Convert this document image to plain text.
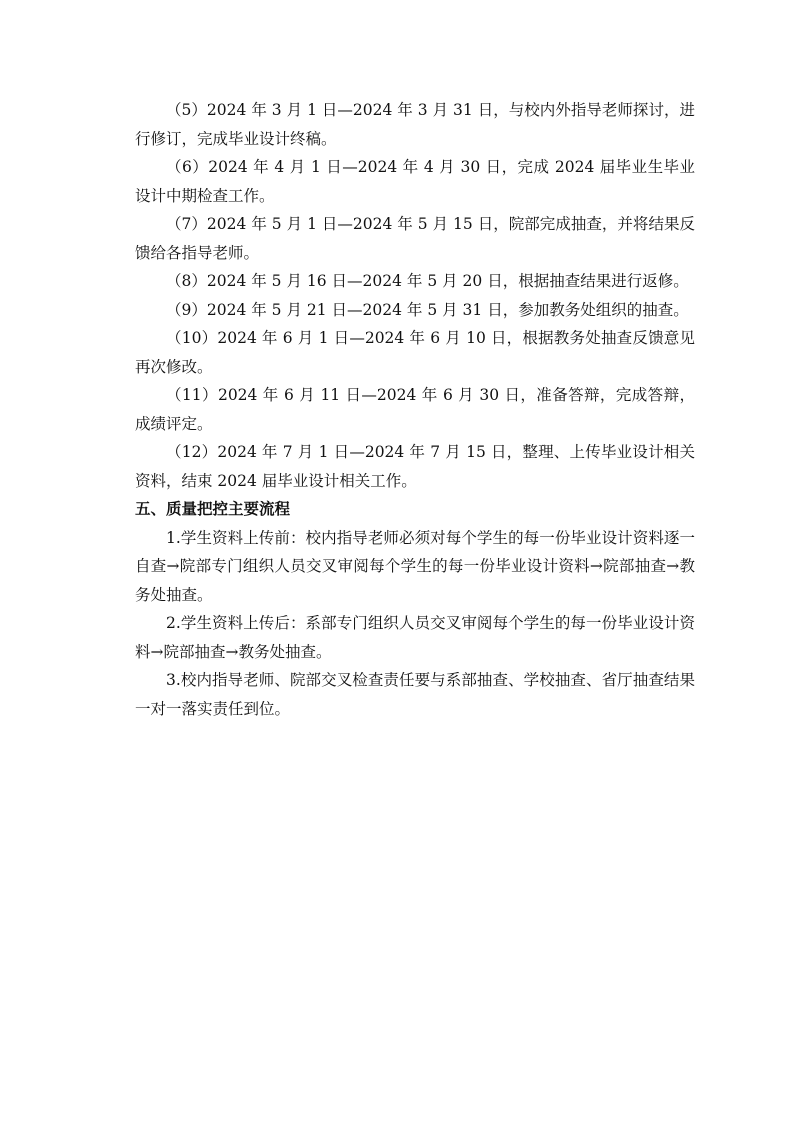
（5）2024 年 3 月 1 日—2024 年 3 月 31 日，与校内外指导老师探讨，进行修订，完成毕业设计终稿。

（6）2024 年 4 月 1 日—2024 年 4 月 30 日，完成 2024 届毕业生毕业设计中期检查工作。

（7）2024 年 5 月 1 日—2024 年 5 月 15 日，院部完成抽查，并将结果反馈给各指导老师。

（8）2024 年 5 月 16 日—2024 年 5 月 20 日，根据抽查结果进行返修。

（9）2024 年 5 月 21 日—2024 年 5 月 31 日，参加教务处组织的抽查。

（10）2024 年 6 月 1 日—2024 年 6 月 10 日，根据教务处抽查反馈意见再次修改。

（11）2024 年 6 月 11 日—2024 年 6 月 30 日，准备答辩，完成答辩，成绩评定。

（12）2024 年 7 月 1 日—2024 年 7 月 15 日，整理、上传毕业设计相关资料，结束 2024 届毕业设计相关工作。

五、质量把控主要流程

1.学生资料上传前：校内指导老师必须对每个学生的每一份毕业设计资料逐一自查→院部专门组织人员交叉审阅每个学生的每一份毕业设计资料→院部抽查→教务处抽查。

2.学生资料上传后：系部专门组织人员交叉审阅每个学生的每一份毕业设计资料→院部抽查→教务处抽查。

3.校内指导老师、院部交叉检查责任要与系部抽查、学校抽查、省厅抽查结果一对一落实责任到位。
